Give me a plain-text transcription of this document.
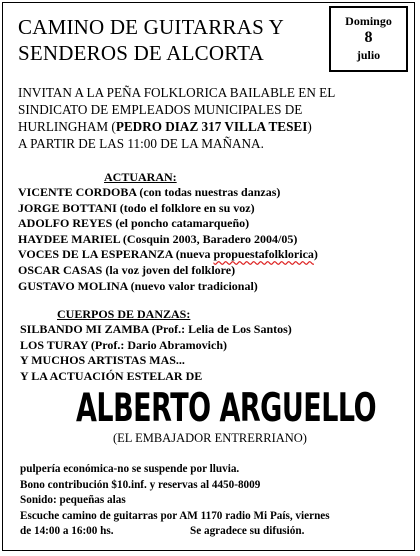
CAMINO DE GUITARRAS Y
SENDEROS DE ALCORTA
Domingo
8
julio
INVITAN A LA PEÑA FOLKLORICA BAILABLE EN EL
SINDICATO DE EMPLEADOS MUNICIPALES DE
HURLINGHAM (PEDRO DIAZ 317 VILLA TESEI)
A PARTIR DE LAS 11:00 DE LA MAÑANA.
ACTUARAN:
VICENTE CORDOBA (con todas nuestras danzas)
JORGE BOTTANI (todo el folklore en su voz)
ADOLFO REYES (el poncho catamarqueño)
HAYDEE MARIEL (Cosquin 2003, Baradero 2004/05)
VOCES DE LA ESPERANZA (nueva propuestafolklorica)
OSCAR CASAS (la voz joven del folklore)
GUSTAVO MOLINA (nuevo valor tradicional)
CUERPOS DE DANZAS:
SILBANDO MI ZAMBA (Prof.: Lelia de Los Santos)
LOS TURAY (Prof.: Dario Abramovich)
Y MUCHOS ARTISTAS MAS...
Y LA ACTUACIÓN ESTELAR DE
ALBERTO ARGUELLO
(EL EMBAJADOR ENTRERRIANO)
pulpería económica-no se suspende por lluvia.
Bono contribución $10.inf. y reservas al 4450-8009
Sonido: pequeñas alas
Escuche camino de guitarras por AM 1170 radio Mi País, viernes
de 14:00 a 16:00 hs.	Se agradece su difusión.
